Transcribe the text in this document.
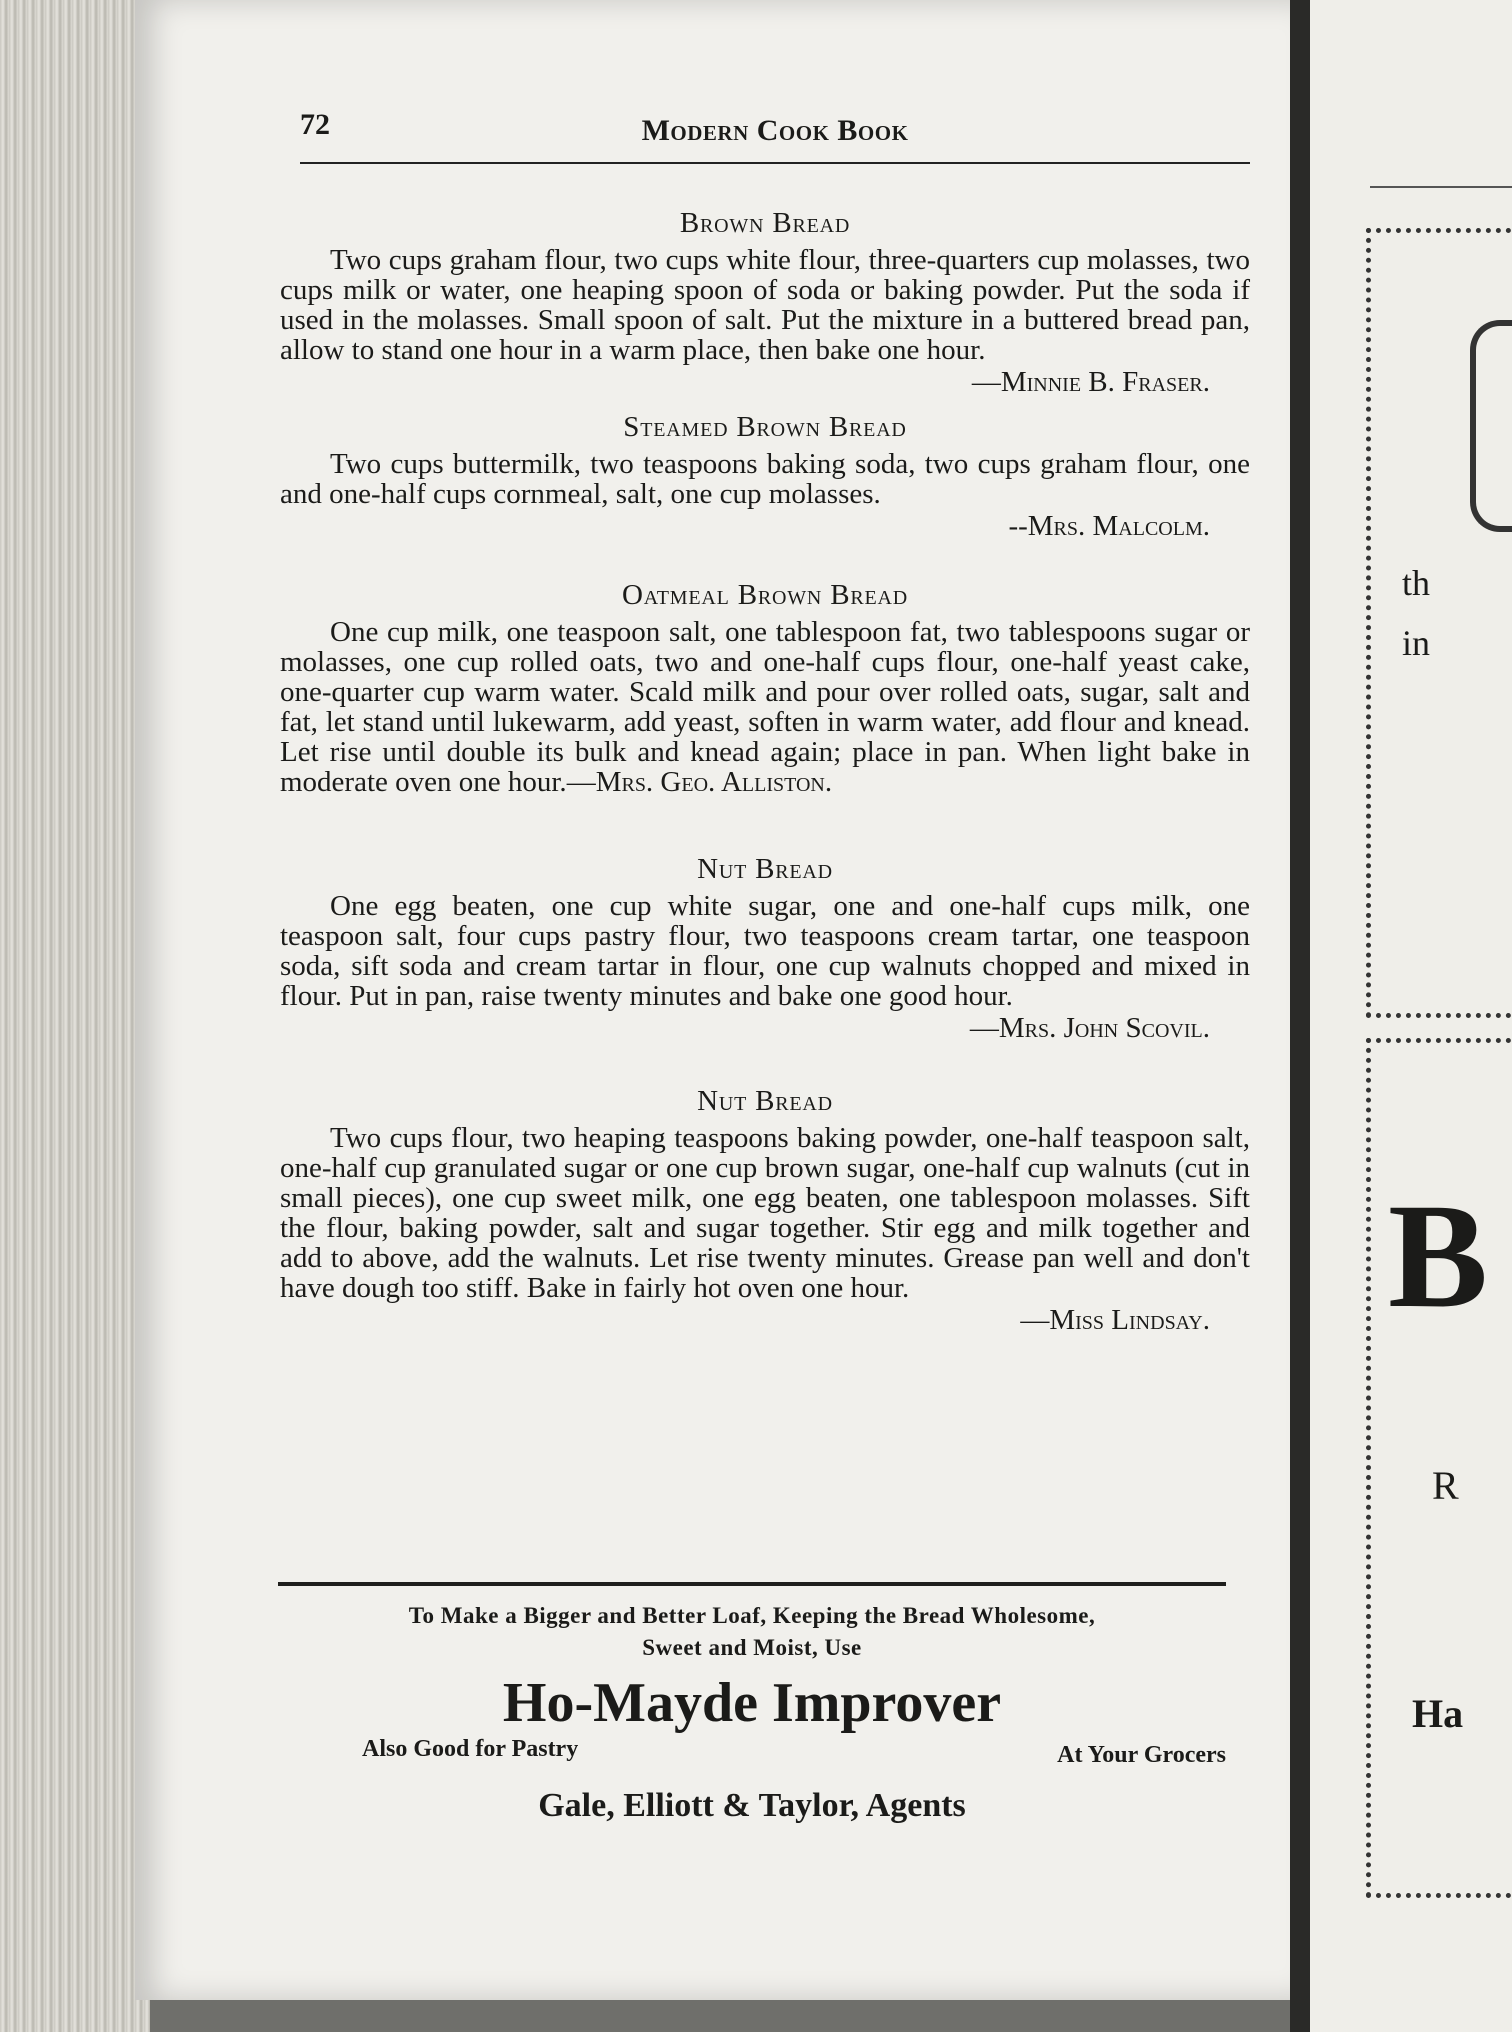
72	Modern Cook Book

Brown Bread

Two cups graham flour, two cups white flour, three-quarters cup molasses, two cups milk or water, one heaping spoon of soda or baking powder. Put the soda if used in the molasses. Small spoon of salt. Put the mixture in a buttered bread pan, allow to stand one hour in a warm place, then bake one hour.

—Minnie B. Fraser.

Steamed Brown Bread

Two cups buttermilk, two teaspoons baking soda, two cups graham flour, one and one-half cups cornmeal, salt, one cup molasses.

--Mrs. Malcolm.

Oatmeal Brown Bread

One cup milk, one teaspoon salt, one tablespoon fat, two tablespoons sugar or molasses, one cup rolled oats, two and one-half cups flour, one-half yeast cake, one-quarter cup warm water. Scald milk and pour over rolled oats, sugar, salt and fat, let stand until lukewarm, add yeast, soften in warm water, add flour and knead. Let rise until double its bulk and knead again; place in pan. When light bake in moderate oven one hour.—Mrs. Geo. Alliston.

Nut Bread

One egg beaten, one cup white sugar, one and one-half cups milk, one teaspoon salt, four cups pastry flour, two teaspoons cream tartar, one teaspoon soda, sift soda and cream tartar in flour, one cup walnuts chopped and mixed in flour. Put in pan, raise twenty minutes and bake one good hour.

—Mrs. John Scovil.

Nut Bread

Two cups flour, two heaping teaspoons baking powder, one-half teaspoon salt, one-half cup granulated sugar or one cup brown sugar, one-half cup walnuts (cut in small pieces), one cup sweet milk, one egg beaten, one tablespoon molasses. Sift the flour, baking powder, salt and sugar together. Stir egg and milk together and add to above, add the walnuts. Let rise twenty minutes. Grease pan well and don't have dough too stiff. Bake in fairly hot oven one hour.

—Miss Lindsay.

To Make a Bigger and Better Loaf, Keeping the Bread Wholesome,

Sweet and Moist, Use

Ho-Mayde Improver

Also Good for Pastry	At Your Grocers
Gale, Elliott & Taylor, Agents
th
in
B
R
Ha
